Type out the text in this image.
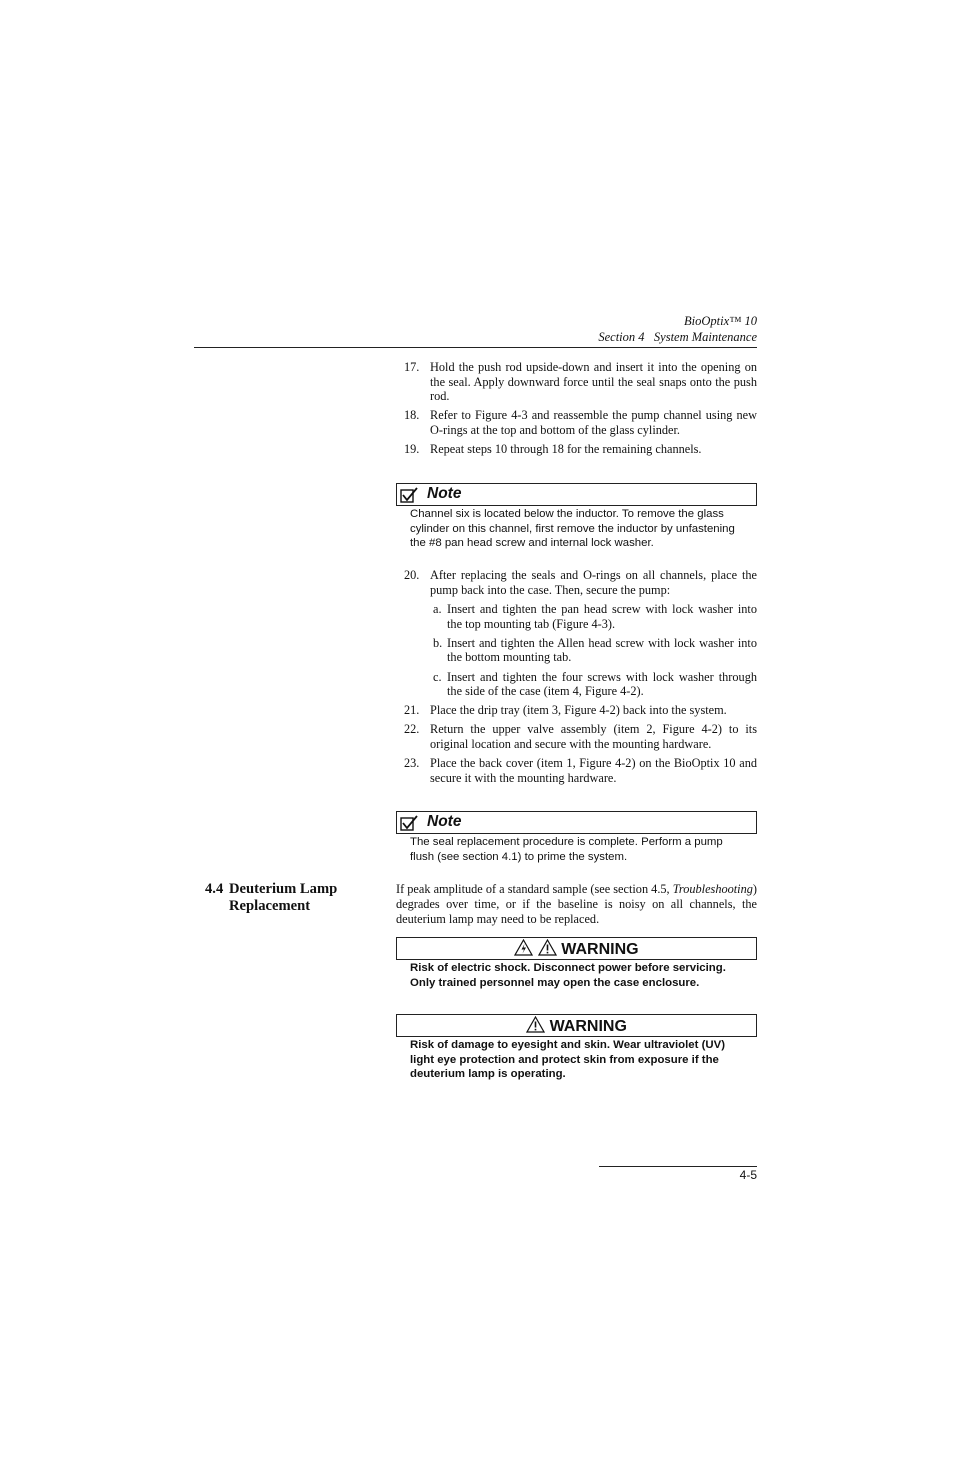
BioOptix™ 10
Section 4   System Maintenance
17. Hold the push rod upside-down and insert it into the opening on the seal. Apply downward force until the seal snaps onto the push rod.
18. Refer to Figure 4-3 and reassemble the pump channel using new O-rings at the top and bottom of the glass cylinder.
19. Repeat steps 10 through 18 for the remaining channels.
Note
Channel six is located below the inductor. To remove the glass cylinder on this channel, first remove the inductor by unfastening the #8 pan head screw and internal lock washer.
20. After replacing the seals and O-rings on all channels, place the pump back into the case. Then, secure the pump:
a. Insert and tighten the pan head screw with lock washer into the top mounting tab (Figure 4-3).
b. Insert and tighten the Allen head screw with lock washer into the bottom mounting tab.
c. Insert and tighten the four screws with lock washer through the side of the case (item 4, Figure 4-2).
21. Place the drip tray (item 3, Figure 4-2) back into the system.
22. Return the upper valve assembly (item 2, Figure 4-2) to its original location and secure with the mounting hardware.
23. Place the back cover (item 1, Figure 4-2) on the BioOptix 10 and secure it with the mounting hardware.
Note
The seal replacement procedure is complete. Perform a pump flush (see section 4.1) to prime the system.
4.4 Deuterium Lamp
Replacement

If peak amplitude of a standard sample (see section 4.5, Troubleshooting) degrades over time, or if the baseline is noisy on all channels, the deuterium lamp may need to be replaced.

WARNING
Risk of electric shock. Disconnect power before servicing. Only trained personnel may open the case enclosure.
WARNING
Risk of damage to eyesight and skin. Wear ultraviolet (UV) light eye protection and protect skin from exposure if the deuterium lamp is operating.
4-5
